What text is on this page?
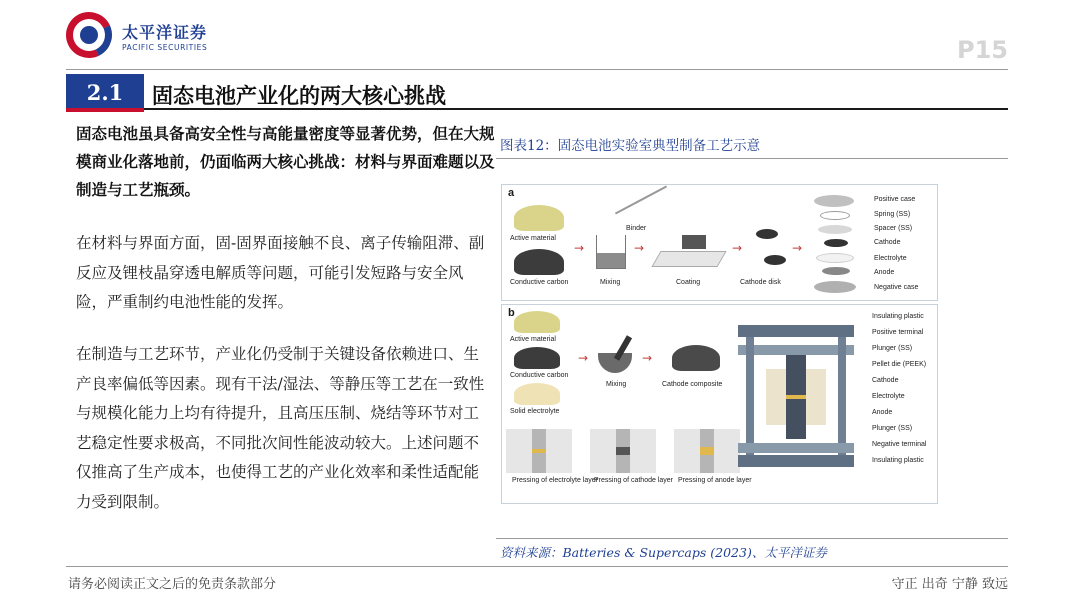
太平洋证券
PACIFIC SECURITIES	P15
2.1	固态电池产业化的两大核心挑战
固态电池虽具备高安全性与高能量密度等显著优势，但在大规模商业化落地前，仍面临两大核心挑战：材料与界面难题以及制造与工艺瓶颈。
在材料与界面方面，固-固界面接触不良、离子传输阻滞、副反应及锂枝晶穿透电解质等问题，可能引发短路与安全风险，严重制约电池性能的发挥。
在制造与工艺环节，产业化仍受制于关键设备依赖进口、生产良率偏低等因素。现有干法/湿法、等静压等工艺在一致性与规模化能力上均有待提升，且高压压制、烧结等环节对工艺稳定性要求极高，不同批次间性能波动较大。上述问题不仅推高了生产成本，也使得工艺的产业化效率和柔性适配能力受到限制。
图表12：固态电池实验室典型制备工艺示意
a
Active material
Conductive carbon
→
Binder
Mixing
→
Coating
→
Cathode disk
→
Positive case
Spring (SS)
Spacer (SS)
Cathode
Electrolyte
Anode
Negative case
b
Active material
Conductive carbon
Solid electrolyte
→
Mixing
→
Cathode composite
Pressing of electrolyte layer
Pressing of cathode layer Pressing of anode layer
Insulating plastic
Positive terminal
Plunger (SS)
Pellet die (PEEK)
Cathode
Electrolyte
Anode
Plunger (SS)
Negative terminal
Insulating plastic
资料来源：Batteries & Supercaps (2023)、太平洋证券
请务必阅读正文之后的免责条款部分	守正 出奇 宁静 致远
